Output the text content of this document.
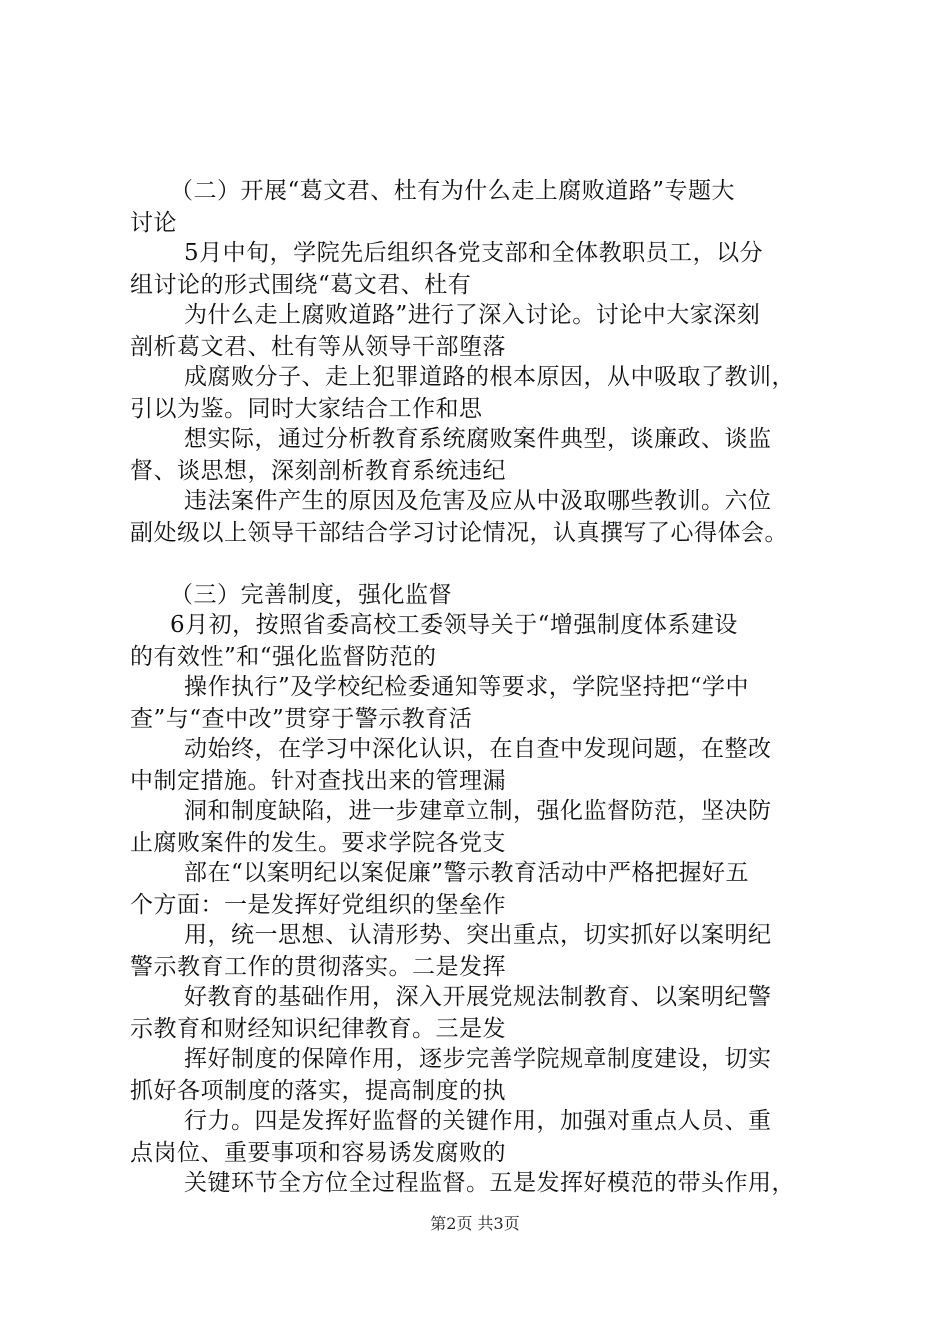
（二）开展“葛文君、杜有为什么走上腐败道路”专题大
讨论
5月中旬，学院先后组织各党支部和全体教职员工，以分
组讨论的形式围绕“葛文君、杜有
为什么走上腐败道路”进行了深入讨论。讨论中大家深刻
剖析葛文君、杜有等从领导干部堕落
成腐败分子、走上犯罪道路的根本原因，从中吸取了教训，
引以为鉴。同时大家结合工作和思
想实际，通过分析教育系统腐败案件典型，谈廉政、谈监
督、谈思想，深刻剖析教育系统违纪
违法案件产生的原因及危害及应从中汲取哪些教训。六位
副处级以上领导干部结合学习讨论情况，认真撰写了心得体会。
（三）完善制度，强化监督
6月初，按照省委高校工委领导关于“增强制度体系建设
的有效性”和“强化监督防范的
操作执行”及学校纪检委通知等要求，学院坚持把“学中
查”与“查中改”贯穿于警示教育活
动始终，在学习中深化认识，在自查中发现问题，在整改
中制定措施。针对查找出来的管理漏
洞和制度缺陷，进一步建章立制，强化监督防范，坚决防
止腐败案件的发生。要求学院各党支
部在“以案明纪以案促廉”警示教育活动中严格把握好五
个方面：一是发挥好党组织的堡垒作
用，统一思想、认清形势、突出重点，切实抓好以案明纪
警示教育工作的贯彻落实。二是发挥
好教育的基础作用，深入开展党规法制教育、以案明纪警
示教育和财经知识纪律教育。三是发
挥好制度的保障作用，逐步完善学院规章制度建设，切实
抓好各项制度的落实，提高制度的执
行力。四是发挥好监督的关键作用，加强对重点人员、重
点岗位、重要事项和容易诱发腐败的
关键环节全方位全过程监督。五是发挥好模范的带头作用，
第2页 共3页
